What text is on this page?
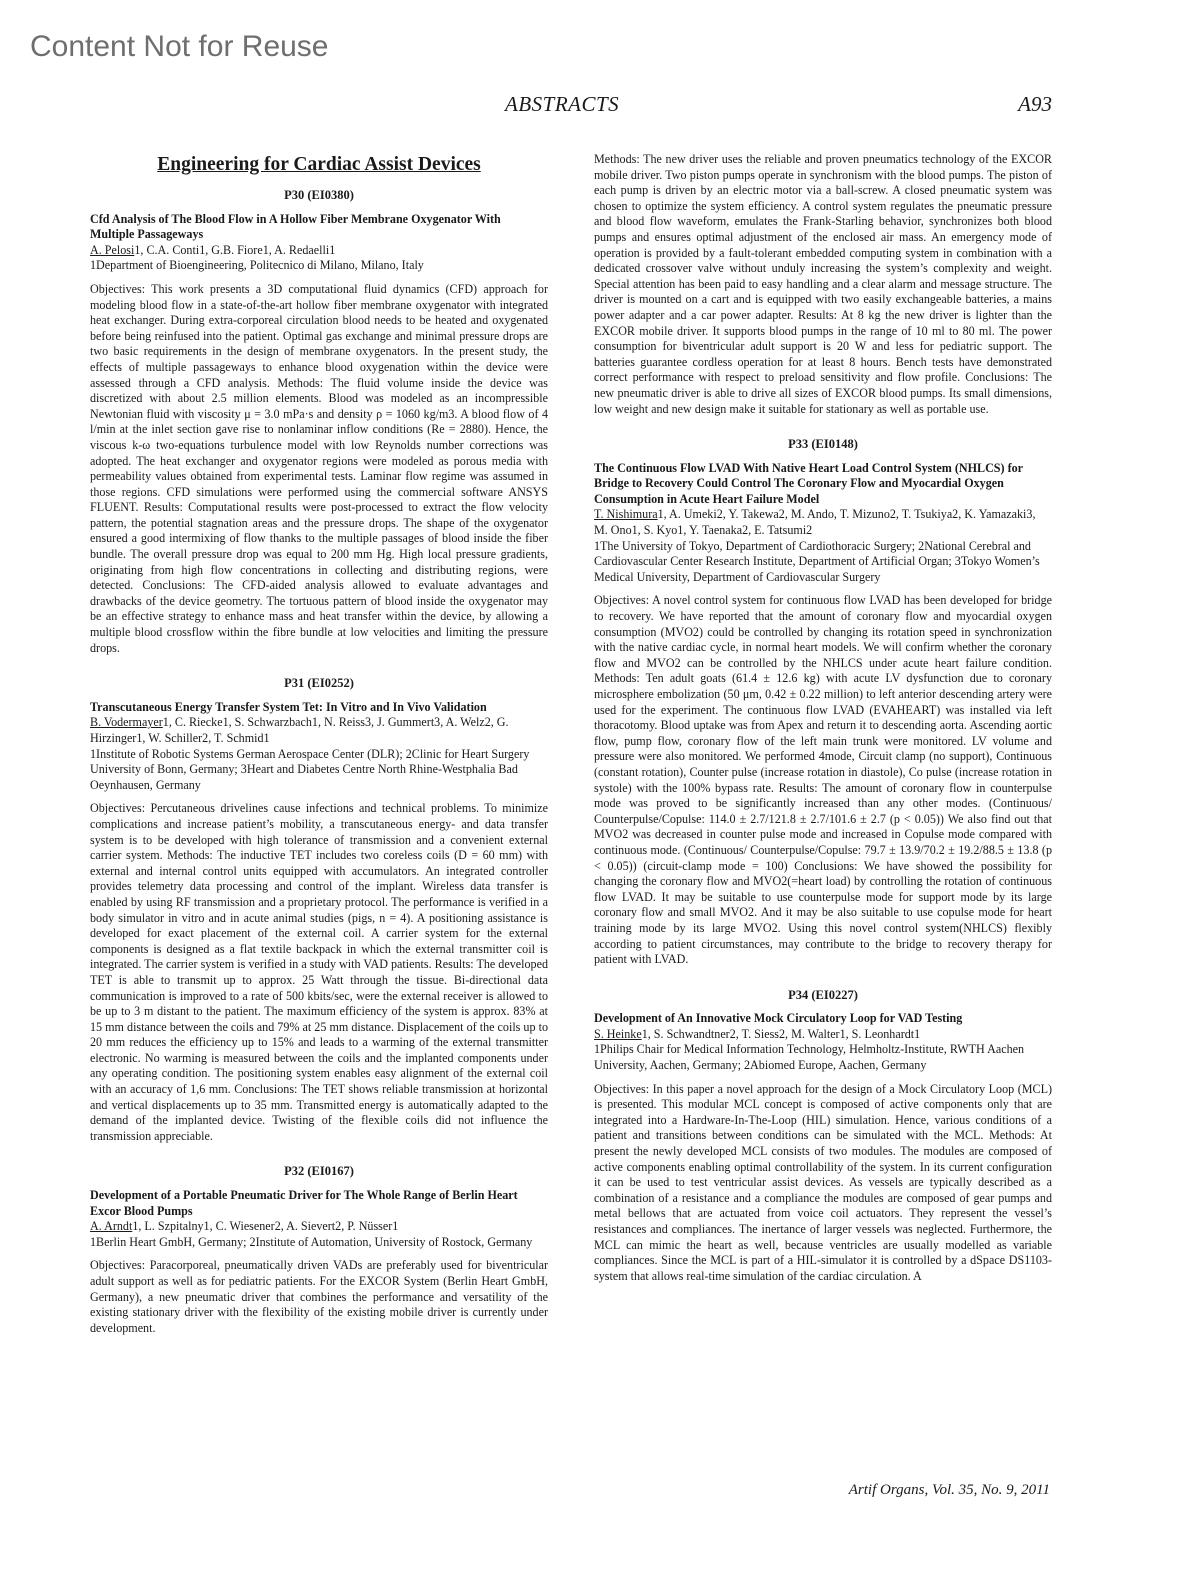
Content Not for Reuse
ABSTRACTS	A93
Engineering for Cardiac Assist Devices
P30 (EI0380)

Cfd Analysis of The Blood Flow in A Hollow Fiber Membrane Oxygenator With Multiple Passageways

A. Pelosi1, C.A. Conti1, G.B. Fiore1, A. Redaelli1

1Department of Bioengineering, Politecnico di Milano, Milano, Italy

Objectives: This work presents a 3D computational fluid dynamics (CFD) approach for modeling blood flow in a state-of-the-art hollow fiber membrane oxygenator with integrated heat exchanger. During extra-corporeal circulation blood needs to be heated and oxygenated before being reinfused into the patient. Optimal gas exchange and minimal pressure drops are two basic requirements in the design of membrane oxygenators. In the present study, the effects of multiple passageways to enhance blood oxygenation within the device were assessed through a CFD analysis. Methods: The fluid volume inside the device was discretized with about 2.5 million elements. Blood was modeled as an incompressible Newtonian fluid with viscosity μ = 3.0 mPa·s and density ρ = 1060 kg/m3. A blood flow of 4 l/min at the inlet section gave rise to nonlaminar inflow conditions (Re = 2880). Hence, the viscous k-ω two-equations turbulence model with low Reynolds number corrections was adopted. The heat exchanger and oxygenator regions were modeled as porous media with permeability values obtained from experimental tests. Laminar flow regime was assumed in those regions. CFD simulations were performed using the commercial software ANSYS FLUENT. Results: Computational results were post-processed to extract the flow velocity pattern, the potential stagnation areas and the pressure drops. The shape of the oxygenator ensured a good intermixing of flow thanks to the multiple passages of blood inside the fiber bundle. The overall pressure drop was equal to 200 mm Hg. High local pressure gradients, originating from high flow concentrations in collecting and distributing regions, were detected. Conclusions: The CFD-aided analysis allowed to evaluate advantages and drawbacks of the device geometry. The tortuous pattern of blood inside the oxygenator may be an effective strategy to enhance mass and heat transfer within the device, by allowing a multiple blood crossflow within the fibre bundle at low velocities and limiting the pressure drops.

P31 (EI0252)

Transcutaneous Energy Transfer System Tet: In Vitro and In Vivo Validation

B. Vodermayer1, C. Riecke1, S. Schwarzbach1, N. Reiss3, J. Gummert3, A. Welz2, G. Hirzinger1, W. Schiller2, T. Schmid1

1Institute of Robotic Systems German Aerospace Center (DLR); 2Clinic for Heart Surgery University of Bonn, Germany; 3Heart and Diabetes Centre North Rhine-Westphalia Bad Oeynhausen, Germany

Objectives: Percutaneous drivelines cause infections and technical problems. To minimize complications and increase patient’s mobility, a transcutaneous energy- and data transfer system is to be developed with high tolerance of transmission and a convenient external carrier system. Methods: The inductive TET includes two coreless coils (D = 60 mm) with external and internal control units equipped with accumulators. An integrated controller provides telemetry data processing and control of the implant. Wireless data transfer is enabled by using RF transmission and a proprietary protocol. The performance is verified in a body simulator in vitro and in acute animal studies (pigs, n = 4). A positioning assistance is developed for exact placement of the external coil. A carrier system for the external components is designed as a flat textile backpack in which the external transmitter coil is integrated. The carrier system is verified in a study with VAD patients. Results: The developed TET is able to transmit up to approx. 25 Watt through the tissue. Bi-directional data communication is improved to a rate of 500 kbits/sec, were the external receiver is allowed to be up to 3 m distant to the patient. The maximum efficiency of the system is approx. 83% at 15 mm distance between the coils and 79% at 25 mm distance. Displacement of the coils up to 20 mm reduces the efficiency up to 15% and leads to a warming of the external transmitter electronic. No warming is measured between the coils and the implanted components under any operating condition. The positioning system enables easy alignment of the external coil with an accuracy of 1,6 mm. Conclusions: The TET shows reliable transmission at horizontal and vertical displacements up to 35 mm. Transmitted energy is automatically adapted to the demand of the implanted device. Twisting of the flexible coils did not influence the transmission appreciable.

P32 (EI0167)

Development of a Portable Pneumatic Driver for The Whole Range of Berlin Heart Excor Blood Pumps

A. Arndt1, L. Szpitalny1, C. Wiesener2, A. Sievert2, P. Nüsser1

1Berlin Heart GmbH, Germany; 2Institute of Automation, University of Rostock, Germany

Objectives: Paracorporeal, pneumatically driven VADs are preferably used for biventricular adult support as well as for pediatric patients. For the EXCOR System (Berlin Heart GmbH, Germany), a new pneumatic driver that combines the performance and versatility of the existing stationary driver with the flexibility of the existing mobile driver is currently under development.

Methods: The new driver uses the reliable and proven pneumatics technology of the EXCOR mobile driver. Two piston pumps operate in synchronism with the blood pumps. The piston of each pump is driven by an electric motor via a ball-screw. A closed pneumatic system was chosen to optimize the system efficiency. A control system regulates the pneumatic pressure and blood flow waveform, emulates the Frank-Starling behavior, synchronizes both blood pumps and ensures optimal adjustment of the enclosed air mass. An emergency mode of operation is provided by a fault-tolerant embedded computing system in combination with a dedicated crossover valve without unduly increasing the system’s complexity and weight. Special attention has been paid to easy handling and a clear alarm and message structure. The driver is mounted on a cart and is equipped with two easily exchangeable batteries, a mains power adapter and a car power adapter. Results: At 8 kg the new driver is lighter than the EXCOR mobile driver. It supports blood pumps in the range of 10 ml to 80 ml. The power consumption for biventricular adult support is 20 W and less for pediatric support. The batteries guarantee cordless operation for at least 8 hours. Bench tests have demonstrated correct performance with respect to preload sensitivity and flow profile. Conclusions: The new pneumatic driver is able to drive all sizes of EXCOR blood pumps. Its small dimensions, low weight and new design make it suitable for stationary as well as portable use.

P33 (EI0148)

The Continuous Flow LVAD With Native Heart Load Control System (NHLCS) for Bridge to Recovery Could Control The Coronary Flow and Myocardial Oxygen Consumption in Acute Heart Failure Model

T. Nishimura1, A. Umeki2, Y. Takewa2, M. Ando, T. Mizuno2, T. Tsukiya2, K. Yamazaki3, M. Ono1, S. Kyo1, Y. Taenaka2, E. Tatsumi2

1The University of Tokyo, Department of Cardiothoracic Surgery; 2National Cerebral and Cardiovascular Center Research Institute, Department of Artificial Organ; 3Tokyo Women’s Medical University, Department of Cardiovascular Surgery

Objectives: A novel control system for continuous flow LVAD has been developed for bridge to recovery. We have reported that the amount of coronary flow and myocardial oxygen consumption (MVO2) could be controlled by changing its rotation speed in synchronization with the native cardiac cycle, in normal heart models. We will confirm whether the coronary flow and MVO2 can be controlled by the NHLCS under acute heart failure condition. Methods: Ten adult goats (61.4 ± 12.6 kg) with acute LV dysfunction due to coronary microsphere embolization (50 μm, 0.42 ± 0.22 million) to left anterior descending artery were used for the experiment. The continuous flow LVAD (EVAHEART) was installed via left thoracotomy. Blood uptake was from Apex and return it to descending aorta. Ascending aortic flow, pump flow, coronary flow of the left main trunk were monitored. LV volume and pressure were also monitored. We performed 4mode, Circuit clamp (no support), Continuous (constant rotation), Counter pulse (increase rotation in diastole), Co pulse (increase rotation in systole) with the 100% bypass rate. Results: The amount of coronary flow in counterpulse mode was proved to be significantly increased than any other modes. (Continuous/ Counterpulse/Copulse: 114.0 ± 2.7/121.8 ± 2.7/101.6 ± 2.7 (p < 0.05)) We also find out that MVO2 was decreased in counter pulse mode and increased in Copulse mode compared with continuous mode. (Continuous/ Counterpulse/Copulse: 79.7 ± 13.9/70.2 ± 19.2/88.5 ± 13.8 (p < 0.05)) (circuit-clamp mode = 100) Conclusions: We have showed the possibility for changing the coronary flow and MVO2(=heart load) by controlling the rotation of continuous flow LVAD. It may be suitable to use counterpulse mode for support mode by its large coronary flow and small MVO2. And it may be also suitable to use copulse mode for heart training mode by its large MVO2. Using this novel control system(NHLCS) flexibly according to patient circumstances, may contribute to the bridge to recovery therapy for patient with LVAD.

P34 (EI0227)

Development of An Innovative Mock Circulatory Loop for VAD Testing

S. Heinke1, S. Schwandtner2, T. Siess2, M. Walter1, S. Leonhardt1

1Philips Chair for Medical Information Technology, Helmholtz-Institute, RWTH Aachen University, Aachen, Germany; 2Abiomed Europe, Aachen, Germany

Objectives: In this paper a novel approach for the design of a Mock Circulatory Loop (MCL) is presented. This modular MCL concept is composed of active components only that are integrated into a Hardware-In-The-Loop (HIL) simulation. Hence, various conditions of a patient and transitions between conditions can be simulated with the MCL. Methods: At present the newly developed MCL consists of two modules. The modules are composed of active components enabling optimal controllability of the system. In its current configuration it can be used to test ventricular assist devices. As vessels are typically described as a combination of a resistance and a compliance the modules are composed of gear pumps and metal bellows that are actuated from voice coil actuators. They represent the vessel’s resistances and compliances. The inertance of larger vessels was neglected. Furthermore, the MCL can mimic the heart as well, because ventricles are usually modelled as variable compliances. Since the MCL is part of a HIL-simulator it is controlled by a dSpace DS1103-system that allows real-time simulation of the cardiac circulation. A

Artif Organs, Vol. 35, No. 9, 2011
